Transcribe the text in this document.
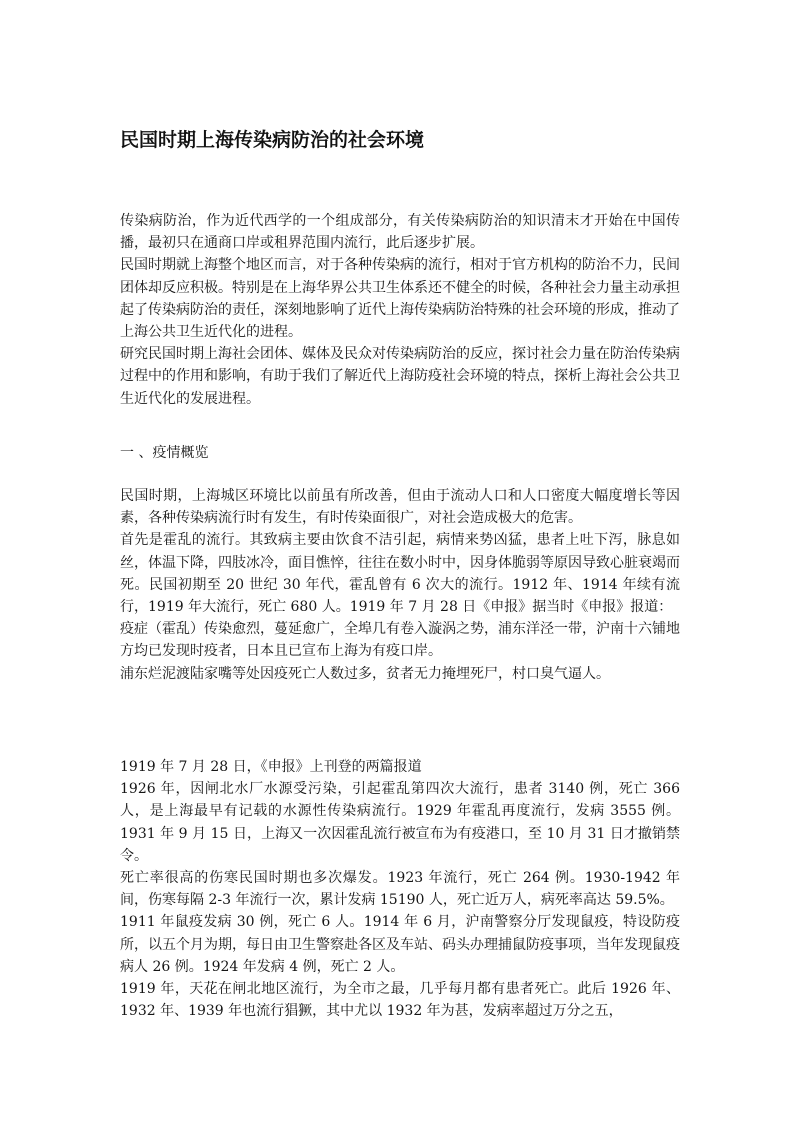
民国时期上海传染病防治的社会环境

传染病防治，作为近代西学的一个组成部分，有关传染病防治的知识清末才开始在中国传播，最初只在通商口岸或租界范围内流行，此后逐步扩展。

民国时期就上海整个地区而言，对于各种传染病的流行，相对于官方机构的防治不力，民间团体却反应积极。特别是在上海华界公共卫生体系还不健全的时候，各种社会力量主动承担起了传染病防治的责任，深刻地影响了近代上海传染病防治特殊的社会环境的形成，推动了上海公共卫生近代化的进程。

研究民国时期上海社会团体、媒体及民众对传染病防治的反应，探讨社会力量在防治传染病过程中的作用和影响，有助于我们了解近代上海防疫社会环境的特点，探析上海社会公共卫生近代化的发展进程。

一 、疫情概览

民国时期，上海城区环境比以前虽有所改善，但由于流动人口和人口密度大幅度增长等因素，各种传染病流行时有发生，有时传染面很广，对社会造成极大的危害。

首先是霍乱的流行。其致病主要由饮食不洁引起，病情来势凶猛，患者上吐下泻，脉息如丝，体温下降，四肢冰冷，面目憔悴，往往在数小时中，因身体脆弱等原因导致心脏衰竭而死。民国初期至 20 世纪 30 年代，霍乱曾有 6 次大的流行。1912 年、1914 年续有流行，1919 年大流行，死亡 680 人。1919 年 7 月 28 日《申报》据当时《申报》报道：

疫症（霍乱）传染愈烈，蔓延愈广，全埠几有卷入漩涡之势，浦东洋泾一带，沪南十六铺地方均已发现时疫者，日本且已宣布上海为有疫口岸。

浦东烂泥渡陆家嘴等处因疫死亡人数过多，贫者无力掩埋死尸，村口臭气逼人。

1919 年 7 月 28 日，《申报》上刊登的两篇报道

1926 年，因闸北水厂水源受污染，引起霍乱第四次大流行，患者 3140 例，死亡 366 人，是上海最早有记载的水源性传染病流行。1929 年霍乱再度流行，发病 3555 例。1931 年 9 月 15 日，上海又一次因霍乱流行被宣布为有疫港口，至 10 月 31 日才撤销禁令。

死亡率很高的伤寒民国时期也多次爆发。1923 年流行，死亡 264 例。1930-1942 年间，伤寒每隔 2-3 年流行一次，累计发病 15190 人，死亡近万人，病死率高达 59.5%。

1911 年鼠疫发病 30 例，死亡 6 人。1914 年 6 月，沪南警察分厅发现鼠疫，特设防疫所，以五个月为期，每日由卫生警察赴各区及车站、码头办理捕鼠防疫事项，当年发现鼠疫病人 26 例。1924 年发病 4 例，死亡 2 人。

1919 年，天花在闸北地区流行，为全市之最，几乎每月都有患者死亡。此后 1926 年、1932 年、1939 年也流行猖獗，其中尤以 1932 年为甚，发病率超过万分之五，
